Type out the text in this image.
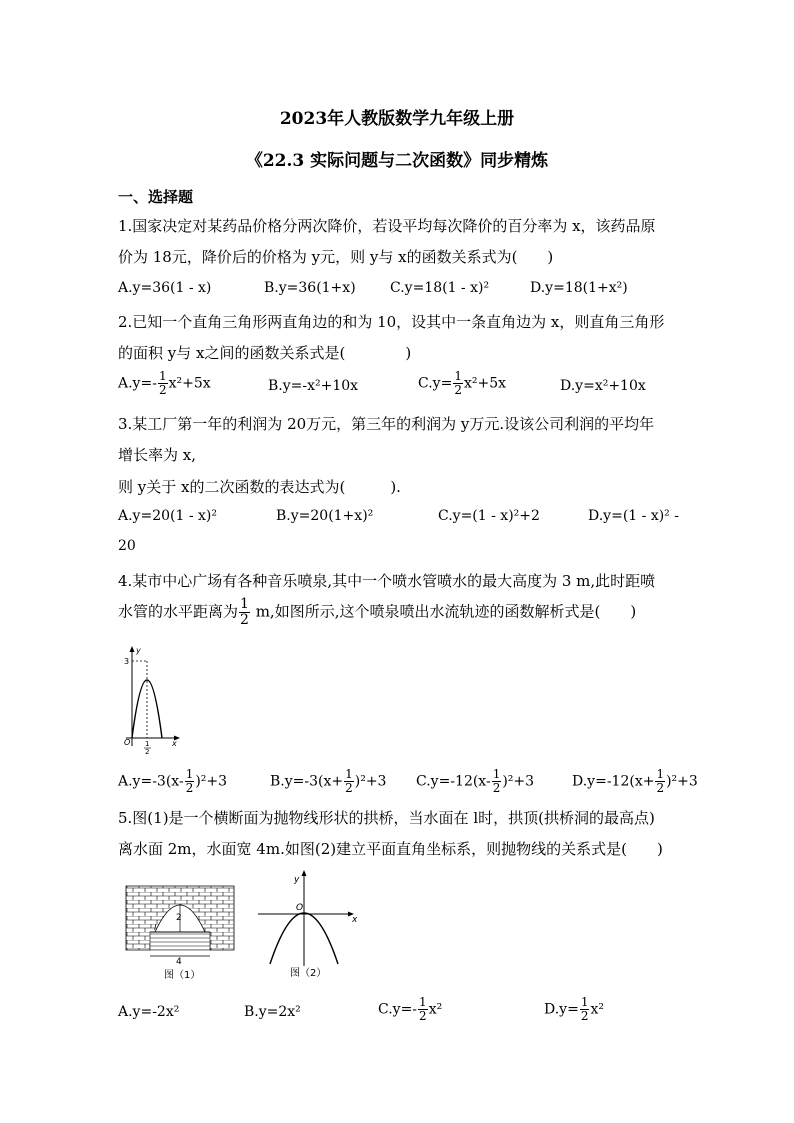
2023年人教版数学九年级上册
《22.3 实际问题与二次函数》同步精炼
一、选择题
1.国家决定对某药品价格分两次降价，若设平均每次降价的百分率为 x，该药品原
价为 18元，降价后的价格为 y元，则 y与 x的函数关系式为(　　)
A.y=36(1 - x)	B.y=36(1+x) C.y=18(1 - x)²	D.y=18(1+x²)
2.已知一个直角三角形两直角边的和为 10，设其中一条直角边为 x，则直角三角形
的面积 y与 x之间的函数关系式是(　　　　)
$A.y=- \frac{1}{2} x^2+5x$	B.y=-x²+10x	$C.y= \frac{1}{2} x^2+5x$	D.y=x²+10x
3.某工厂第一年的利润为 20万元，第三年的利润为 y万元.设该公司利润的平均年
增长率为 x,
则 y关于 x的二次函数的表达式为(　　　).
A.y=20(1 - x)²	B.y=20(1+x)²	C.y=(1 - x)²+2	D.y=(1 - x)² -
20
4.某市中心广场有各种音乐喷泉,其中一个喷水管喷水的最大高度为 3 m,此时距喷
水管的水平距离为 $\frac{1}{2} m$,如图所示,这个喷泉喷出水流轨迹的函数解析式是(　　)
y
3
O	x
1
2
$A.y=-3(x- \frac{1}{2} )^2+3$	$B.y=-3(x+ \frac{1}{2} )^2+3$ $C.y=-12(x- \frac{1}{2} )^2+3$	$D.y=-12(x+ \frac{1}{2} )^2+3$
5.图(1)是一个横断面为抛物线形状的拱桥，当水面在 l时，拱顶(拱桥洞的最高点)
离水面 2m，水面宽 4m.如图(2)建立平面直角坐标系，则抛物线的关系式是(　　)
2
4
l
图（1）
y
x
O
图（2）
A.y=-2x²	B.y=2x²	$C.y=- \frac{1}{2} x^2$	$D.y= \frac{1}{2} x^2$
